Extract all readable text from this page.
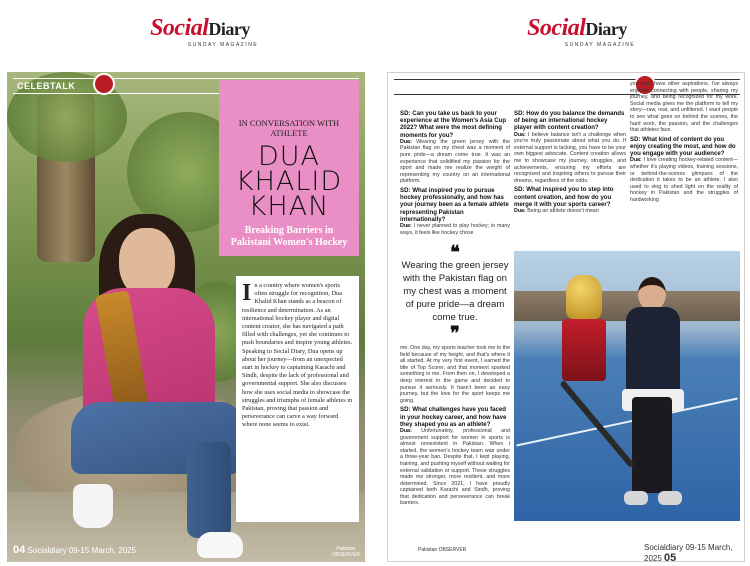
SocialDiary
SUNDAY MAGAZINE
SocialDiary
SUNDAY MAGAZINE
CELEBTALK
IN CONVERSATION WITH ATHLETE
DUA KHALID KHAN
Breaking Barriers in Pakistani Women's Hockey
In a country where women's sports often struggle for recognition, Dua Khalid Khan stands as a beacon of resilience and determination. As an international hockey player and digital content creator, she has navigated a path filled with challenges, yet she continues to push boundaries and inspire young athletes. Speaking to Social Diary, Dua opens up about her journey—from an unexpected start in hockey to captaining Karachi and Sindh, despite the lack of professional and governmental support. She also discusses how she uses social media to showcase the struggles and triumphs of female athletes in Pakistan, proving that passion and perseverance can carve a way forward where none seems to exist.
04 Socialdiary 09-15 March, 2025	Pakistan OBSERVER
SD: Can you take us back to your experience at the Women's Asia Cup 2022? What were the most defining moments for you?
Dua: Wearing the green jersey with the Pakistan flag on my chest was a moment of pure pride—a dream come true. It was an experience that solidified my passion for the sport and made me realize the weight of representing my country on an international platform.
SD: What inspired you to pursue hockey professionally, and how has your journey been as a female athlete representing Pakistan internationally?
Dua: I never planned to play hockey; in many ways, it feels like hockey chose
❝
Wearing the green jersey with the Pakistan flag on my chest was a moment of pure pride—a dream come true.
❞
me. One day, my sports teacher took me to the field because of my height, and that's where it all started. At my very first event, I earned the title of Top Scorer, and that moment sparked something in me. From then on, I developed a deep interest in the game and decided to pursue it seriously. It hasn't been an easy journey, but the love for the sport keeps me going.
SD: What challenges have you faced in your hockey career, and how have they shaped you as an athlete?
Dua: Unfortunately, professional and government support for women in sports is almost nonexistent in Pakistan. When I started, the women's hockey team was under a three-year ban. Despite that, I kept playing, training, and pushing myself without waiting for external validation or support. These struggles made me stronger, more resilient, and more determined. Since 2021, I have proudly captained both Karachi and Sindh, proving that dedication and perseverance can break barriers.
SD: How do you balance the demands of being an international hockey player with content creation?
Dua: I believe balance isn't a challenge when you're truly passionate about what you do. If external support is lacking, you have to be your own biggest advocate. Content creation allows me to showcase my journey, struggles, and achievements, ensuring my efforts are recognized and inspiring others to pursue their dreams, regardless of the odds.
SD: What inspired you to step into content creation, and how do you merge it with your sports career?
Dua: Being an athlete doesn't mean
you can't have other aspirations. I've always enjoyed connecting with people, sharing my journey, and being recognized for my work. Social media gives me the platform to tell my story—raw, real, and unfiltered. I want people to see what goes on behind the scenes, the hard work, the passion, and the challenges that athletes face.
SD: What kind of content do you enjoy creating the most, and how do you engage with your audience?
Dua: I love creating hockey-related content—whether it's playing videos, training sessions, or behind-the-scenes glimpses of the dedication it takes to be an athlete. I also used to vlog to shed light on the reality of hockey in Pakistan and the struggles of hardworking
Pakistan OBSERVER	Socialdiary 09-15 March, 2025 05
